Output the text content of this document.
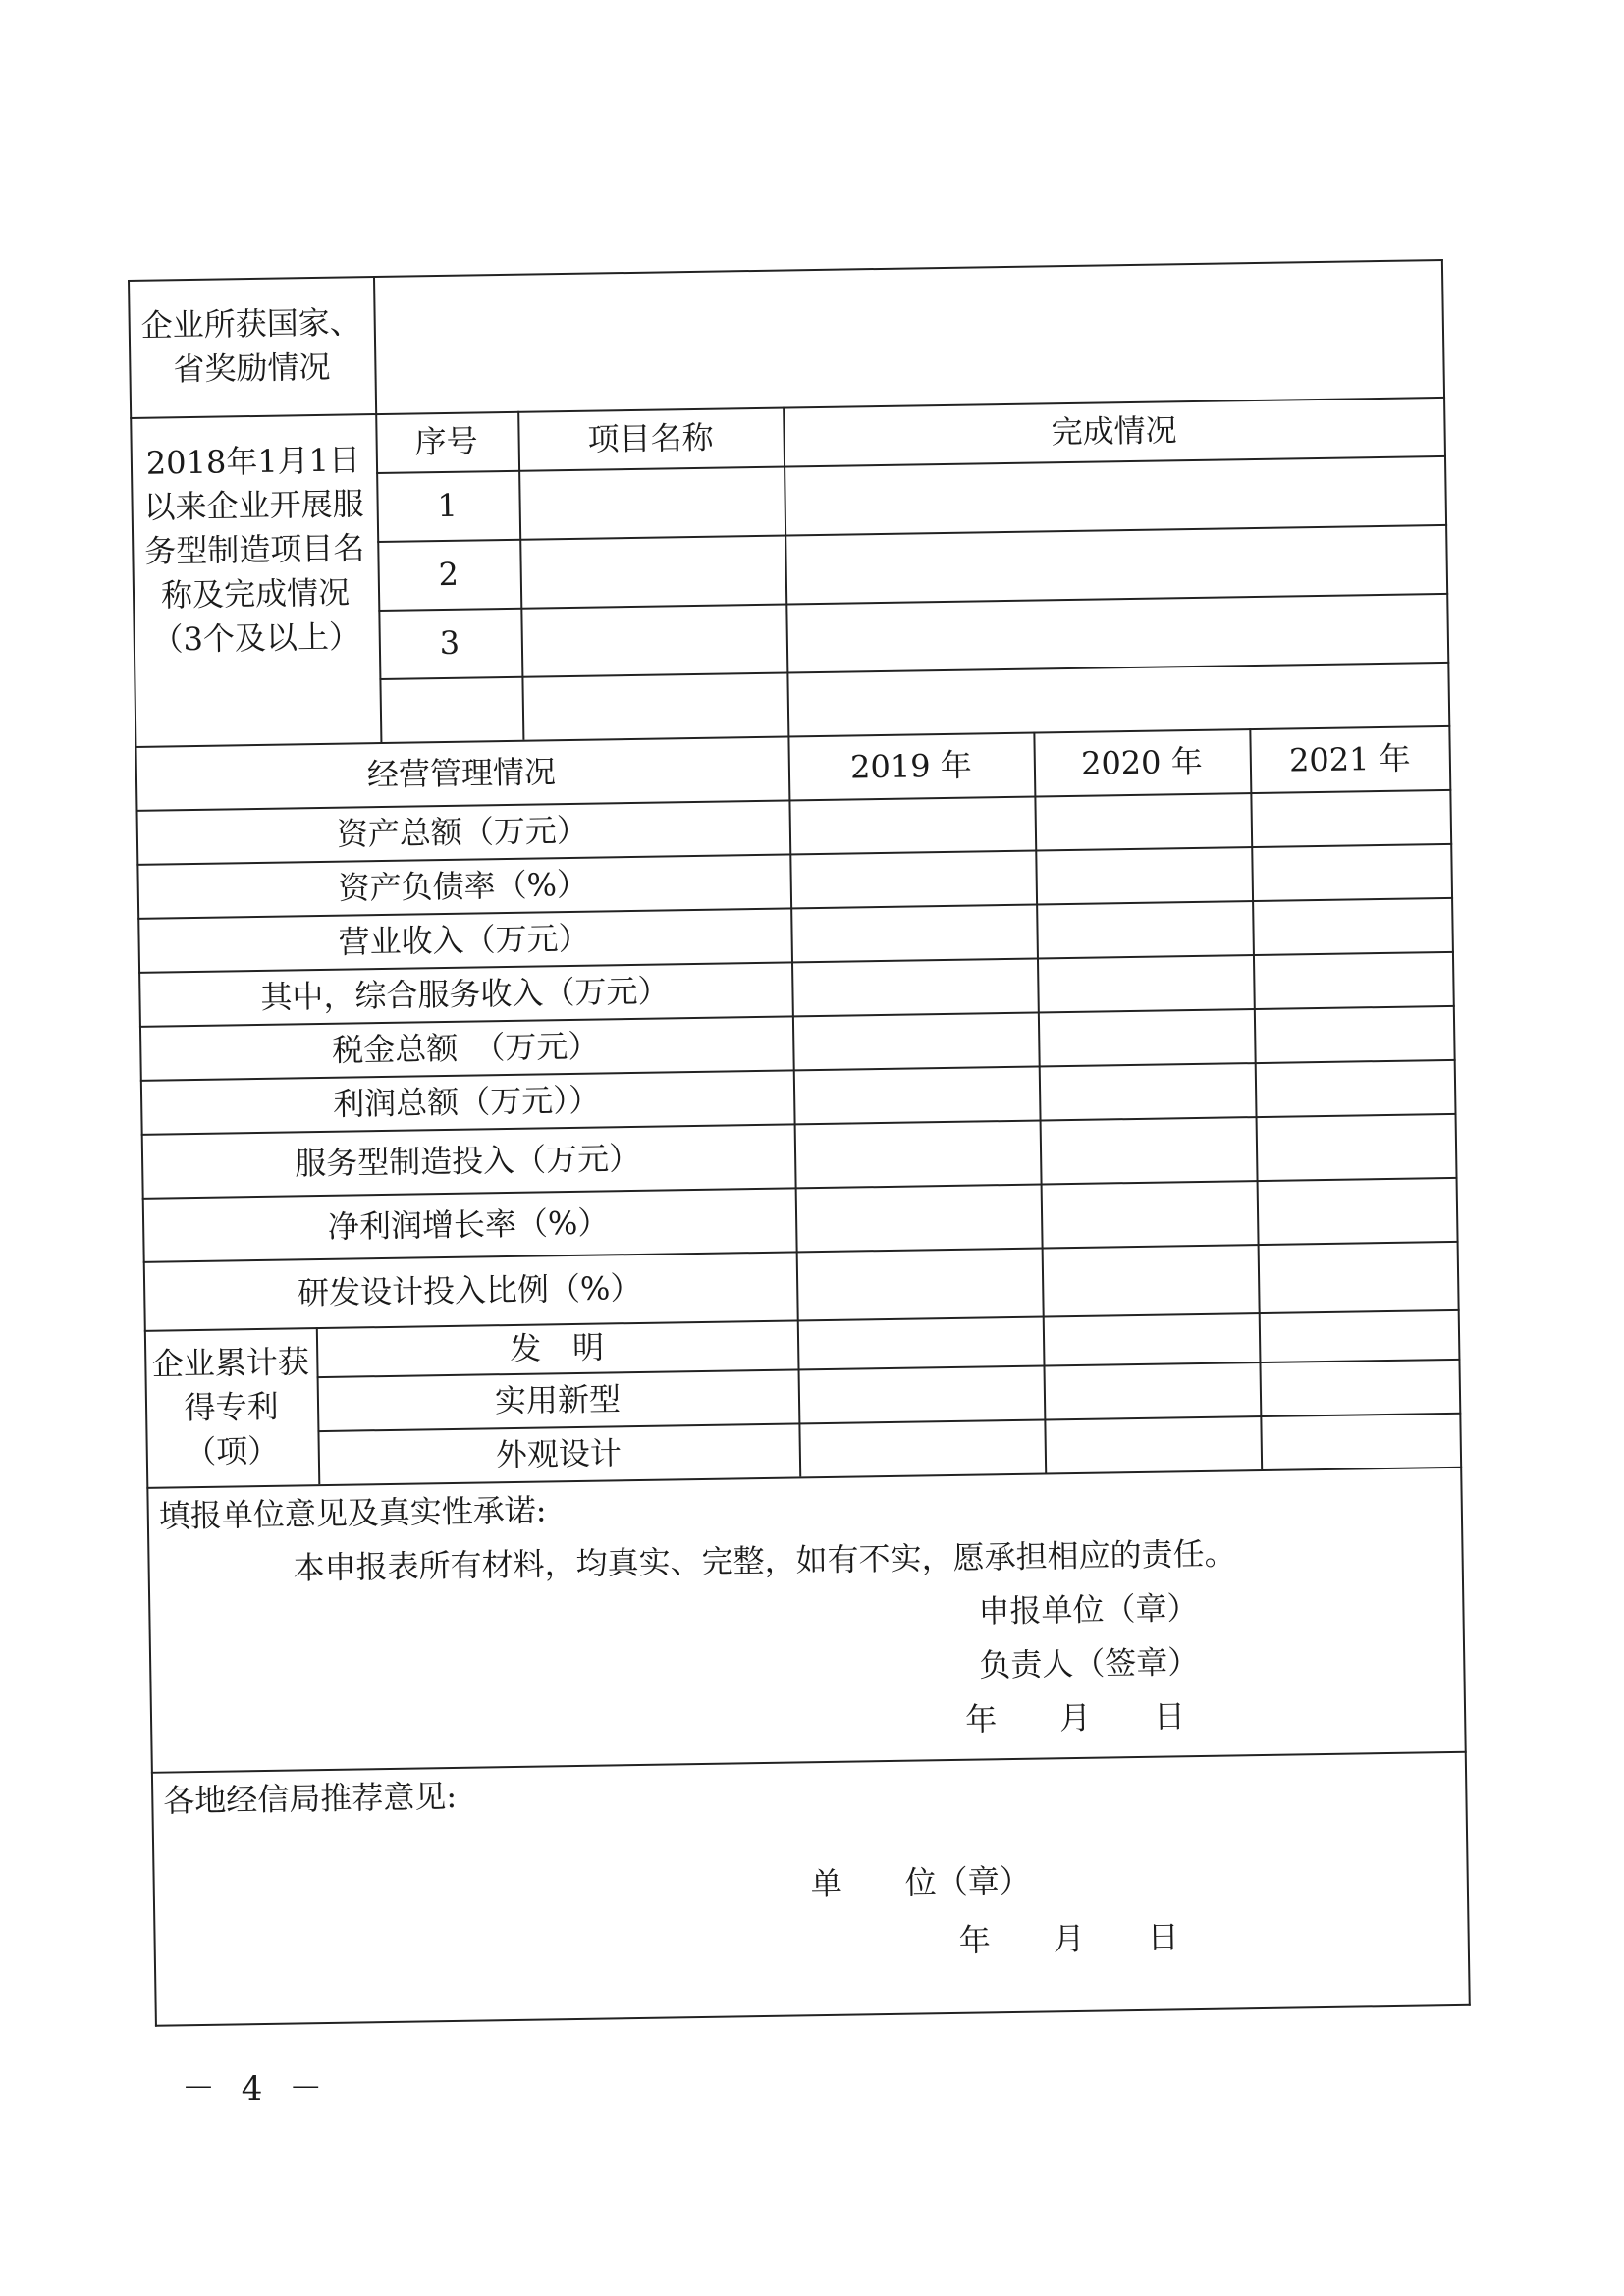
企业所获国家、省奖励情况
2018年1月1日以来企业开展服务型制造项目名称及完成情况（3个及以上）
序号	项目名称	完成情况
1
2
3
经营管理情况	2019 年	2020 年	2021 年
资产总额（万元）
资产负债率（%）
营业收入（万元）
其中，综合服务收入（万元）
税金总额　（万元）
利润总额（万元））
服务型制造投入（万元）
净利润增长率（%）
研发设计投入比例（%）
企业累计获得专利（项）
发　明
实用新型
外观设计
填报单位意见及真实性承诺:
本申报表所有材料，均真实、完整，如有不实，愿承担相应的责任。
申报单位（章）
负责人（签章）
年　　月　　日
各地经信局推荐意见:
单　　位（章）
年　　月　　日
－ 4 －
